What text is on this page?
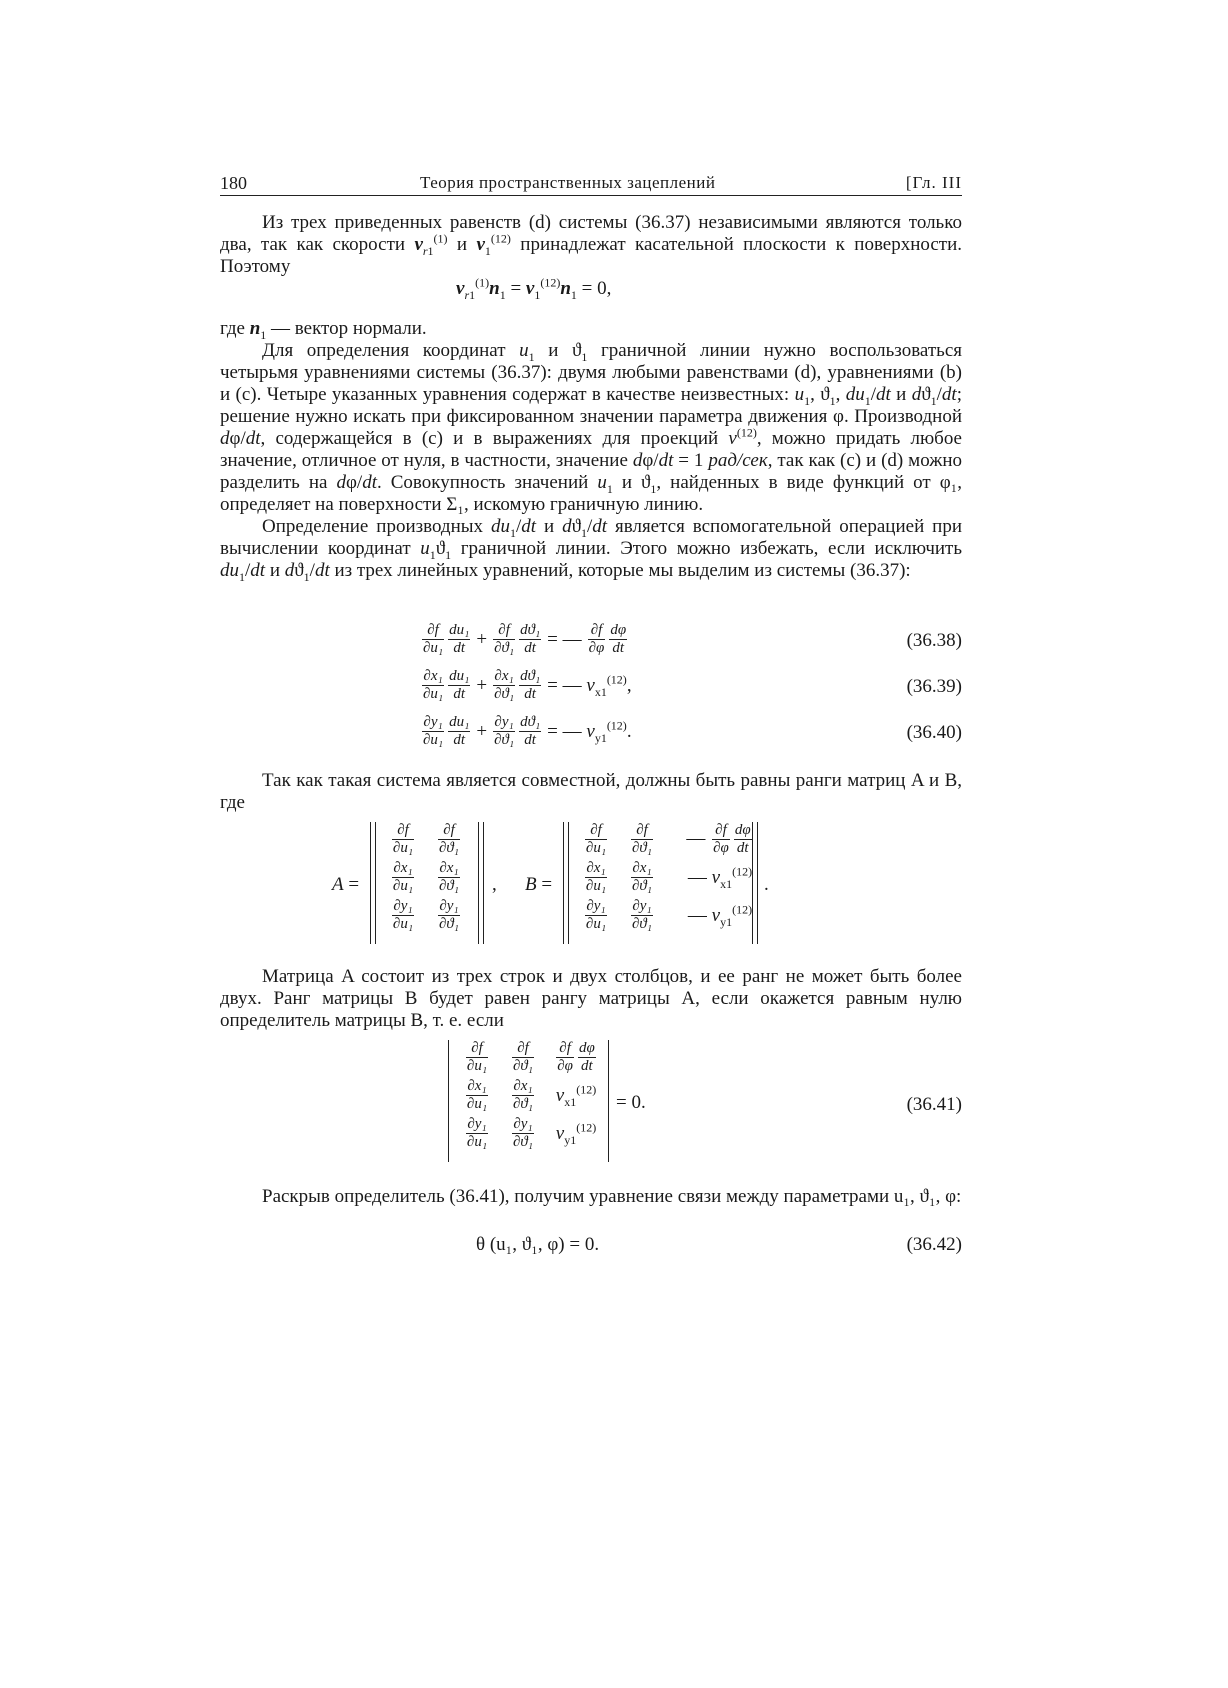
180	Теория пространственных зацеплений	[Гл. III

Из трех приведенных равенств (d) системы (36.37) независимыми являются только два, так как скорости $v_{r1}^{(1)}$ и $v_1^{(12)}$ принадлежат касательной плоскости к поверхности. Поэтому

$v_{r1}^{(1)}n_1 = v_1^{(12)}n_1 = 0$,

где $n_1$ — вектор нормали.

Для определения координат $u_1$ и $ϑ_1$ граничной линии нужно воспользоваться четырьмя уравнениями системы (36.37): двумя любыми равенствами (d), уравнениями (b) и (c). Четыре указанных уравнения содержат в качестве неизвестных: $u_1$, $ϑ_1$, $du_1/dt$ и $dϑ_1/dt$; решение нужно искать при фиксированном значении параметра движения φ. Производной dφ/dt, содержащейся в (c) и в выражениях для проекций $v^{(12)}$, можно придать любое значение, отличное от нуля, в частности, значение dφ/dt = 1 рад/сек, так как (c) и (d) можно разделить на dφ/dt. Совокупность значений $u_1$ и $ϑ_1$, найденных в виде функций от φ₁, определяет на поверхности Σ₁, искомую граничную линию.

Определение производных $du_1/dt$ и $dϑ_1/dt$ является вспомогательной операцией при вычислении координат $u_1ϑ_1$ граничной линии. Этого можно избежать, если исключить $du_1/dt$ и $dϑ_1/dt$ из трех линейных уравнений, которые мы выделим из системы (36.37):

$\frac{\partial f}{\text{∂u₁}} \frac{\text{du₁}}{dt} + \frac{\partial f}{\text{∂ϑ₁}} \frac{\text{dϑ₁}}{dt}$ = — $\frac{\partial f}{\partial\varphi} \frac{d\varphi}{dt}$	(36.38)
$\frac{\text{∂x₁}}{\text{∂u₁}} \frac{\text{du₁}}{dt} + \frac{\text{∂x₁}}{\text{∂ϑ₁}} \frac{\text{dϑ₁}}{dt}$ = — $v_{x1}^{(12)}$,	(36.39)
$\frac{\text{∂y₁}}{\text{∂u₁}} \frac{\text{du₁}}{dt} + \frac{\text{∂y₁}}{\text{∂ϑ₁}} \frac{\text{dϑ₁}}{dt}$ = — $v_{y1}^{(12)}$.	(36.40)

Так как такая система является совместной, должны быть равны ранги матриц A и B, где

A =
$\frac{\partial f}{\text{∂u₁}} \frac{\partial f}{\text{∂ϑ₁}}$
$\frac{\text{∂x₁}}{\text{∂u₁}} \frac{\text{∂x₁}}{\text{∂ϑ₁}}$
$\frac{\text{∂y₁}}{\text{∂u₁}} \frac{\text{∂y₁}}{\text{∂ϑ₁}}$
, B =
$\frac{\partial f}{\text{∂u₁}} \frac{\partial f}{\text{∂ϑ₁}}$ — $\frac{\partial f}{\partial\varphi} \frac{d\varphi}{dt}$
$\frac{\text{∂x₁}}{\text{∂u₁}} \frac{\text{∂x₁}}{\text{∂ϑ₁}}$ — $v_{x1}^{(12)}$
$\frac{\text{∂y₁}}{\text{∂u₁}} \frac{\text{∂y₁}}{\text{∂ϑ₁}}$ — $v_{y1}^{(12)}$
.

Матрица A состоит из трех строк и двух столбцов, и ее ранг не может быть более двух. Ранг матрицы B будет равен рангу матрицы A, если окажется равным нулю определитель матрицы B, т. е. если

$\frac{\partial f}{\text{∂u₁}} \frac{\partial f}{\text{∂ϑ₁}} \frac{\partial f}{\partial\varphi} \frac{d\varphi}{dt}$
$\frac{\text{∂x₁}}{\text{∂u₁}} \frac{\text{∂x₁}}{\text{∂ϑ₁}} v_{x1}^{(12)}$
$\frac{\text{∂y₁}}{\text{∂u₁}} \frac{\text{∂y₁}}{\text{∂ϑ₁}} v_{y1}^{(12)}$
= 0.	(36.41)

Раскрыв определитель (36.41), получим уравнение связи между параметрами u₁, ϑ₁, φ:

θ (u₁, ϑ₁, φ) = 0.	(36.42)
